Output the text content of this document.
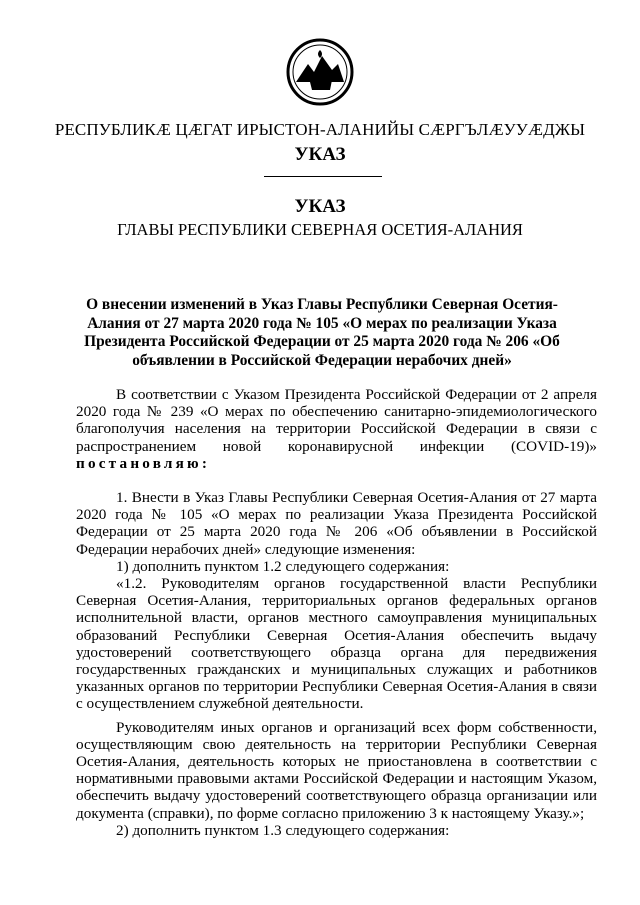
РЕСПУБЛИКӔ ЦӔГАТ ИРЫСТОН-АЛАНИЙЫ СӔРГЪЛӔУУӔДЖЫ
УКАЗ
УКАЗ
ГЛАВЫ РЕСПУБЛИКИ СЕВЕРНАЯ ОСЕТИЯ-АЛАНИЯ
О внесении изменений в Указ Главы Республики Северная Осетия-Алания от 27 марта 2020 года № 105 «О мерах по реализации Указа Президента Российской Федерации от 25 марта 2020 года № 206 «Об объявлении в Российской Федерации нерабочих дней»

В соответствии с Указом Президента Российской Федерации от 2 апреля 2020 года № 239 «О мерах по обеспечению санитарно-эпидемиологического благополучия населения на территории Российской Федерации в связи с распространением новой коронавирусной инфекции (COVID-19)» постановляю:

1. Внести в Указ Главы Республики Северная Осетия-Алания от 27 марта 2020 года № 105 «О мерах по реализации Указа Президента Российской Федерации от 25 марта 2020 года № 206 «Об объявлении в Российской Федерации нерабочих дней» следующие изменения:

1) дополнить пунктом 1.2 следующего содержания:

«1.2. Руководителям органов государственной власти Республики Северная Осетия-Алания, территориальных органов федеральных органов исполнительной власти, органов местного самоуправления муниципальных образований Республики Северная Осетия-Алания обеспечить выдачу удостоверений соответствующего образца органа для передвижения государственных гражданских и муниципальных служащих и работников указанных органов по территории Республики Северная Осетия-Алания в связи с осуществлением служебной деятельности.

Руководителям иных органов и организаций всех форм собственности, осуществляющим свою деятельность на территории Республики Северная Осетия-Алания, деятельность которых не приостановлена в соответствии с нормативными правовыми актами Российской Федерации и настоящим Указом, обеспечить выдачу удостоверений соответствующего образца организации или документа (справки), по форме согласно приложению 3 к настоящему Указу.»;

2) дополнить пунктом 1.3 следующего содержания:
